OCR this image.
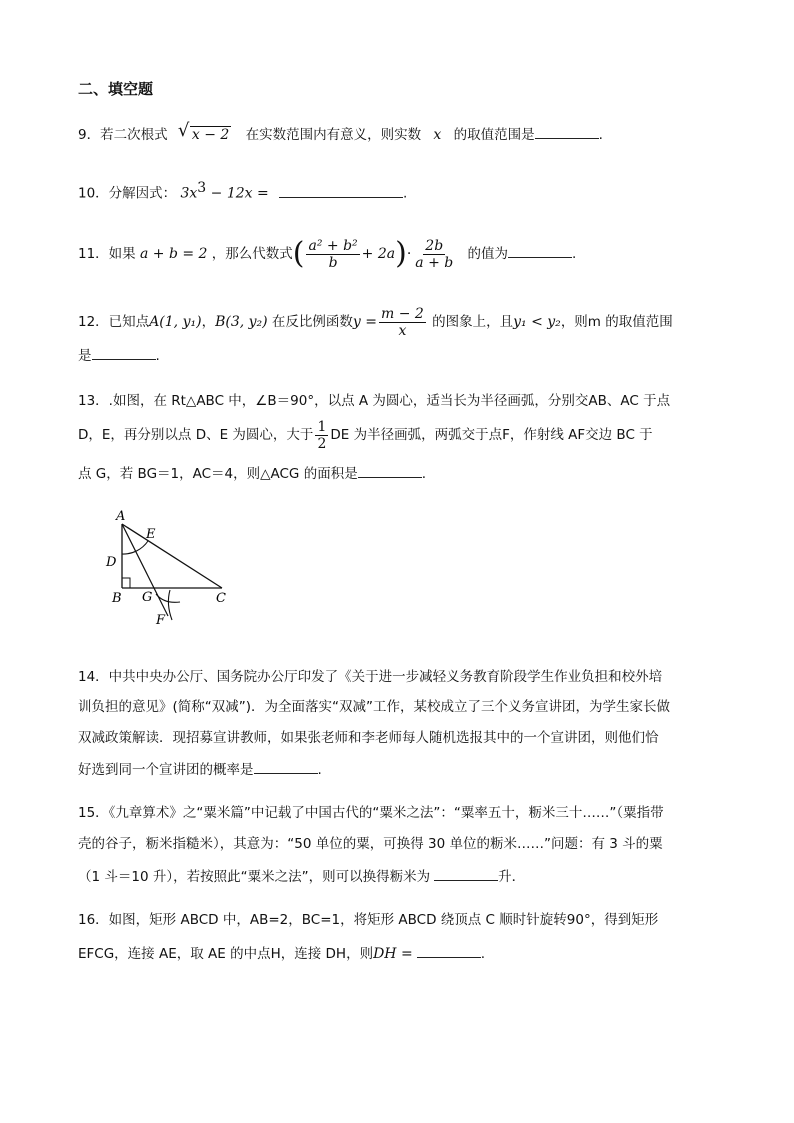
二、填空题
9．若二次根式 √ x − 2 在实数范围内有意义，则实数 x 的取值范围是	.
10．分解因式： $3x^3 - 12x$ =	.
11．如果 a + b = 2 ，那么代数式( $\frac{\text{a² + b²}}{b} + 2a)\cdot \frac{2b}{a + b}$ 的值为	.
12．已知点A(1, y₁)，B(3, y₂) 在反比例函数$y = \frac{m - 2}{x}$ 的图象上，且y₁ < y₂，则m 的取值范围
是	.
13．.如图，在 Rt△ABC 中，∠B＝90°，以点 A 为圆心，适当长为半径画弧，分别交AB、AC 于点
D，E，再分别以点 D、E 为圆心，大于 $\frac{1}{2}$ DE 为半径画弧，两弧交于点F，作射线 AF交边 BC 于
点 G，若 BG＝1，AC＝4，则△ACG 的面积是	.
A
E
D
B G	C
F
14．中共中央办公厅、国务院办公厅印发了《关于进一步减轻义务教育阶段学生作业负担和校外培
训负担的意见》(简称“双减”)．为全面落实“双减”工作，某校成立了三个义务宣讲团，为学生家长做
双减政策解读．现招募宣讲教师，如果张老师和李老师每人随机选报其中的一个宣讲团，则他们恰
好选到同一个宣讲团的概率是	.
15．《九章算术》之“粟米篇”中记载了中国古代的“粟米之法”：“粟率五十，粝米三十……”（粟指带
壳的谷子，粝米指糙米），其意为：“50 单位的粟，可换得 30 单位的粝米……”问题：有 3 斗的粟
（1 斗＝10 升），若按照此“粟米之法”，则可以换得粝米为	升．
16．如图，矩形 ABCD 中，AB=2，BC=1，将矩形 ABCD 绕顶点 C 顺时针旋转90°，得到矩形
EFCG，连接 AE，取 AE 的中点H，连接 DH，则DH =	.
